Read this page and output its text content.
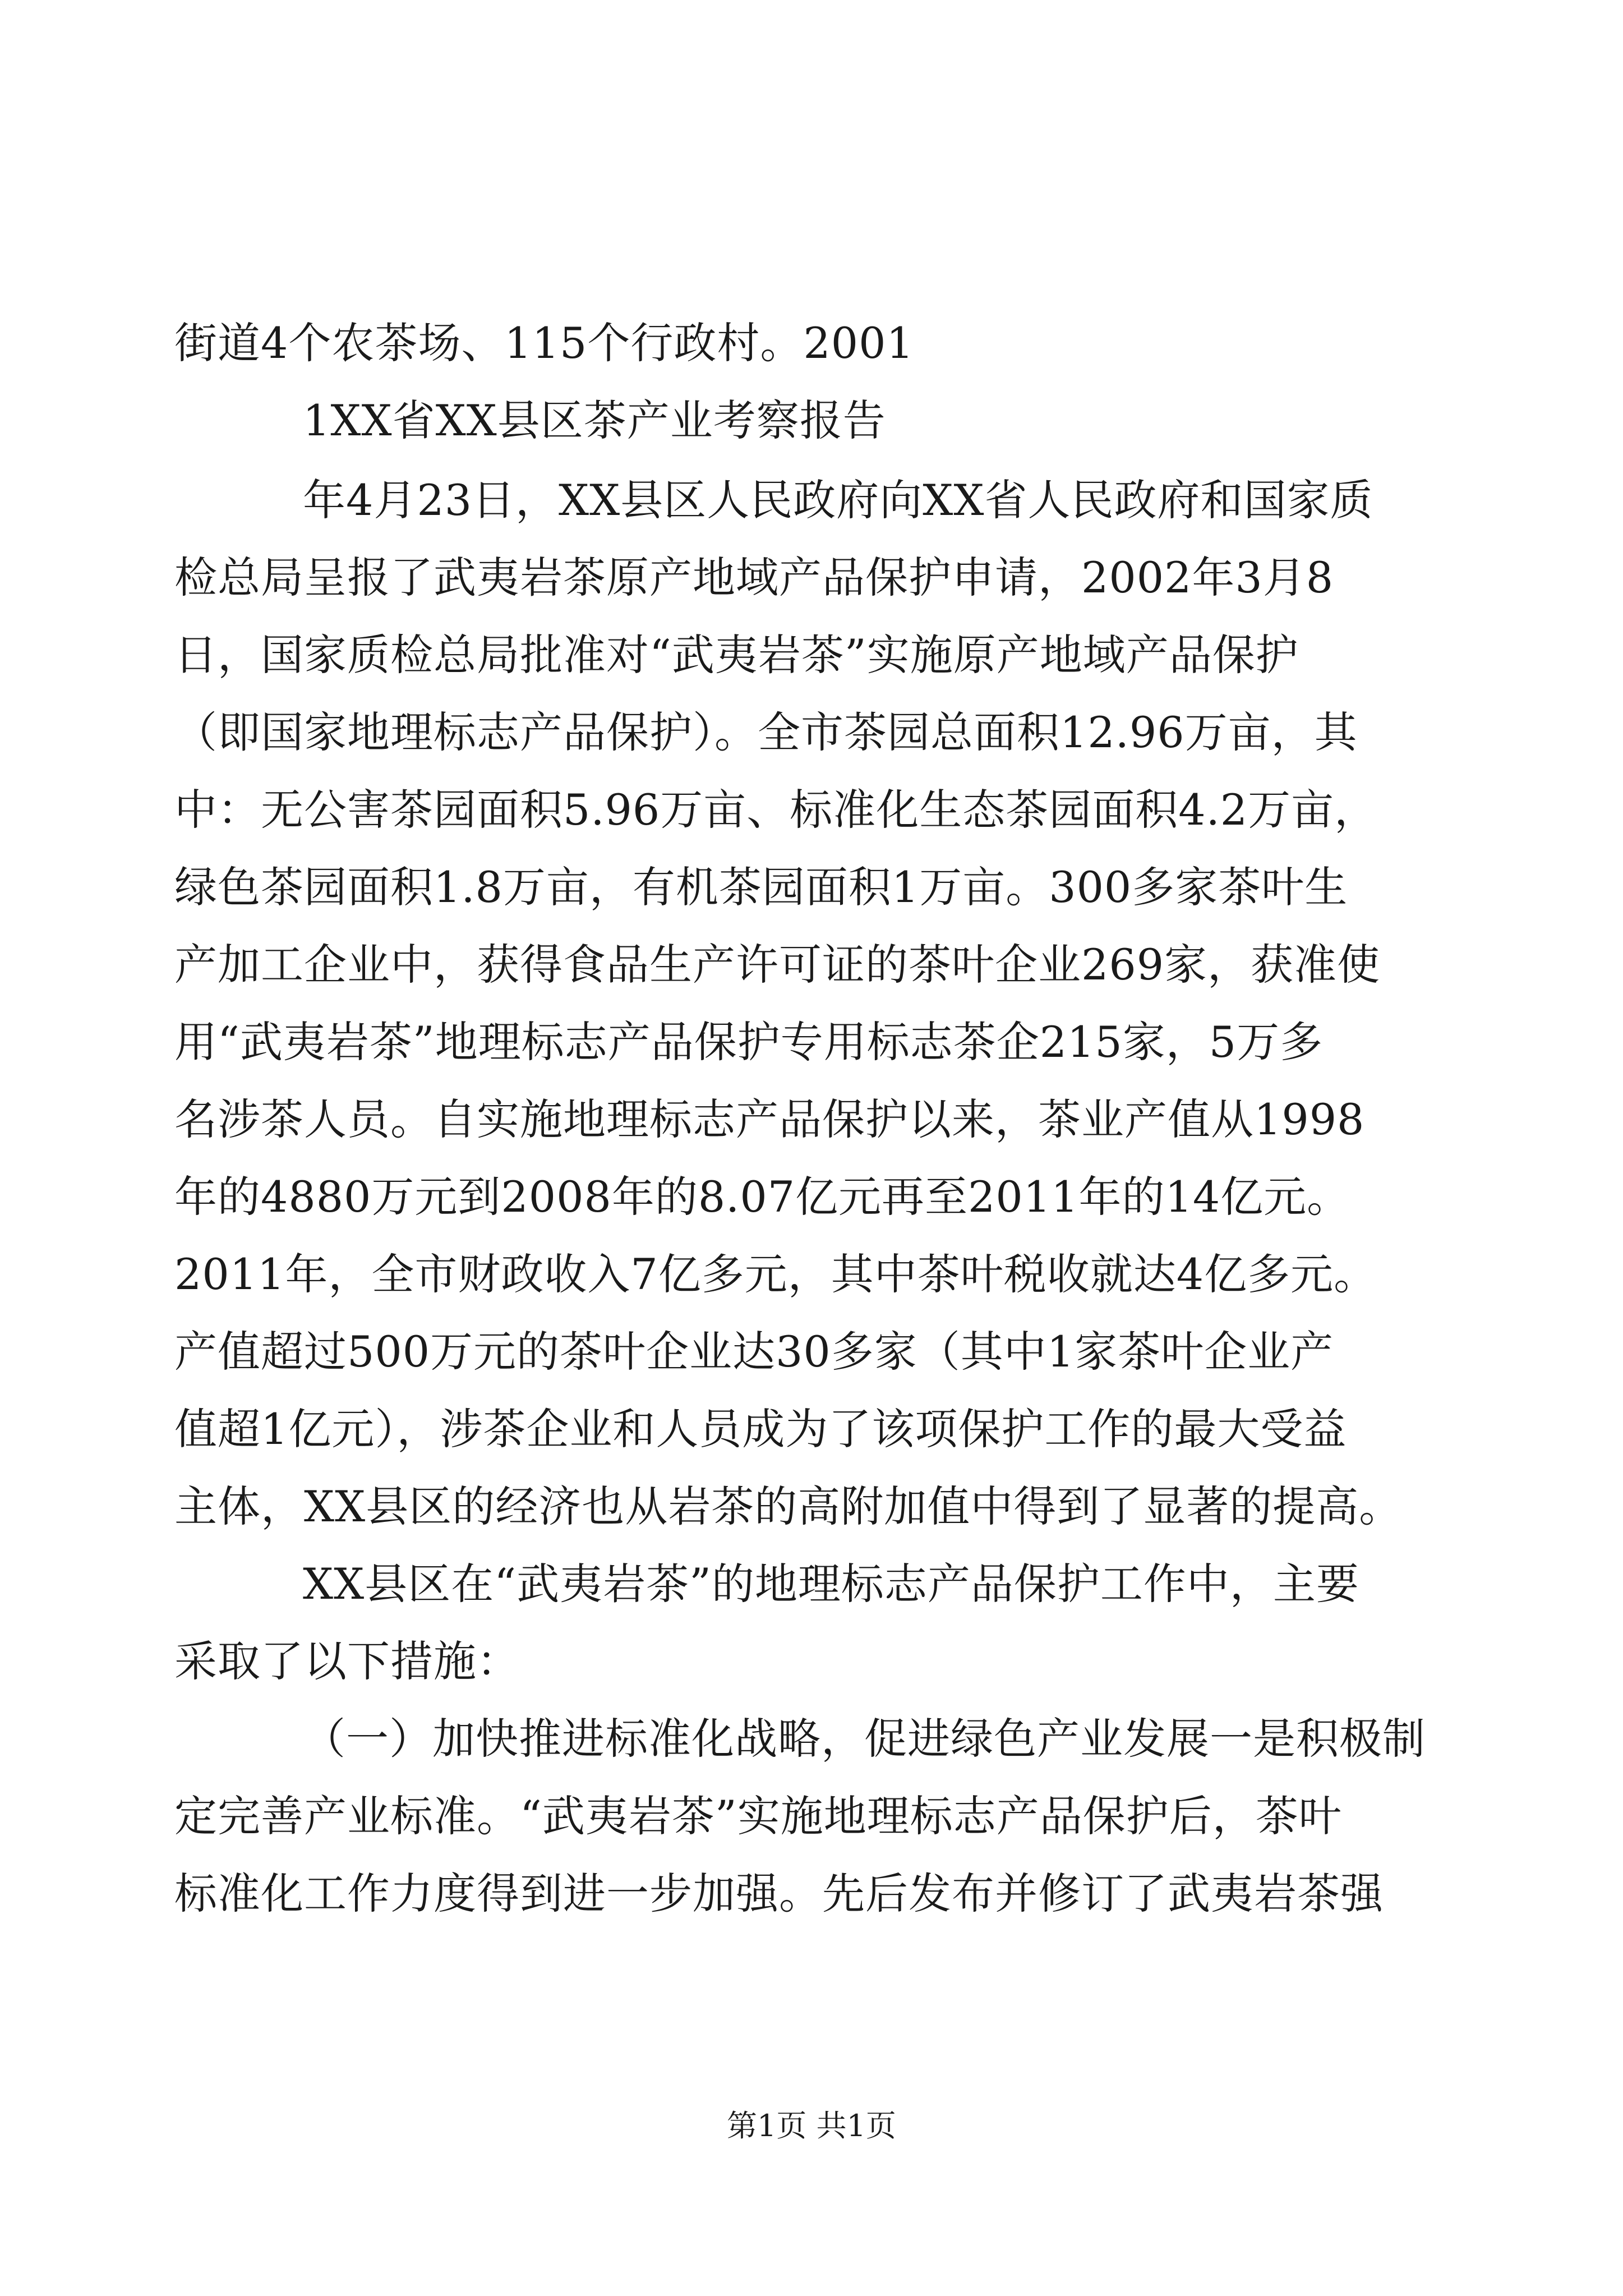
街道4个农茶场、115个行政村。2001
1XX省XX县区茶产业考察报告
年4月23日，XX县区人民政府向XX省人民政府和国家质
检总局呈报了武夷岩茶原产地域产品保护申请，2002年3月8
日，国家质检总局批准对“武夷岩茶”实施原产地域产品保护
（即国家地理标志产品保护）。全市茶园总面积12.96万亩，其
中：无公害茶园面积5.96万亩、标准化生态茶园面积4.2万亩，
绿色茶园面积1.8万亩，有机茶园面积1万亩。300多家茶叶生
产加工企业中，获得食品生产许可证的茶叶企业269家，获准使
用“武夷岩茶”地理标志产品保护专用标志茶企215家，5万多
名涉茶人员。自实施地理标志产品保护以来，茶业产值从1998
年的4880万元到2008年的8.07亿元再至2011年的14亿元。
2011年，全市财政收入7亿多元，其中茶叶税收就达4亿多元。
产值超过500万元的茶叶企业达30多家（其中1家茶叶企业产
值超1亿元），涉茶企业和人员成为了该项保护工作的最大受益
主体，XX县区的经济也从岩茶的高附加值中得到了显著的提高。
XX县区在“武夷岩茶”的地理标志产品保护工作中，主要
采取了以下措施：
（一）加快推进标准化战略，促进绿色产业发展一是积极制
定完善产业标准。“武夷岩茶”实施地理标志产品保护后，茶叶
标准化工作力度得到进一步加强。先后发布并修订了武夷岩茶强
第1页 共1页
